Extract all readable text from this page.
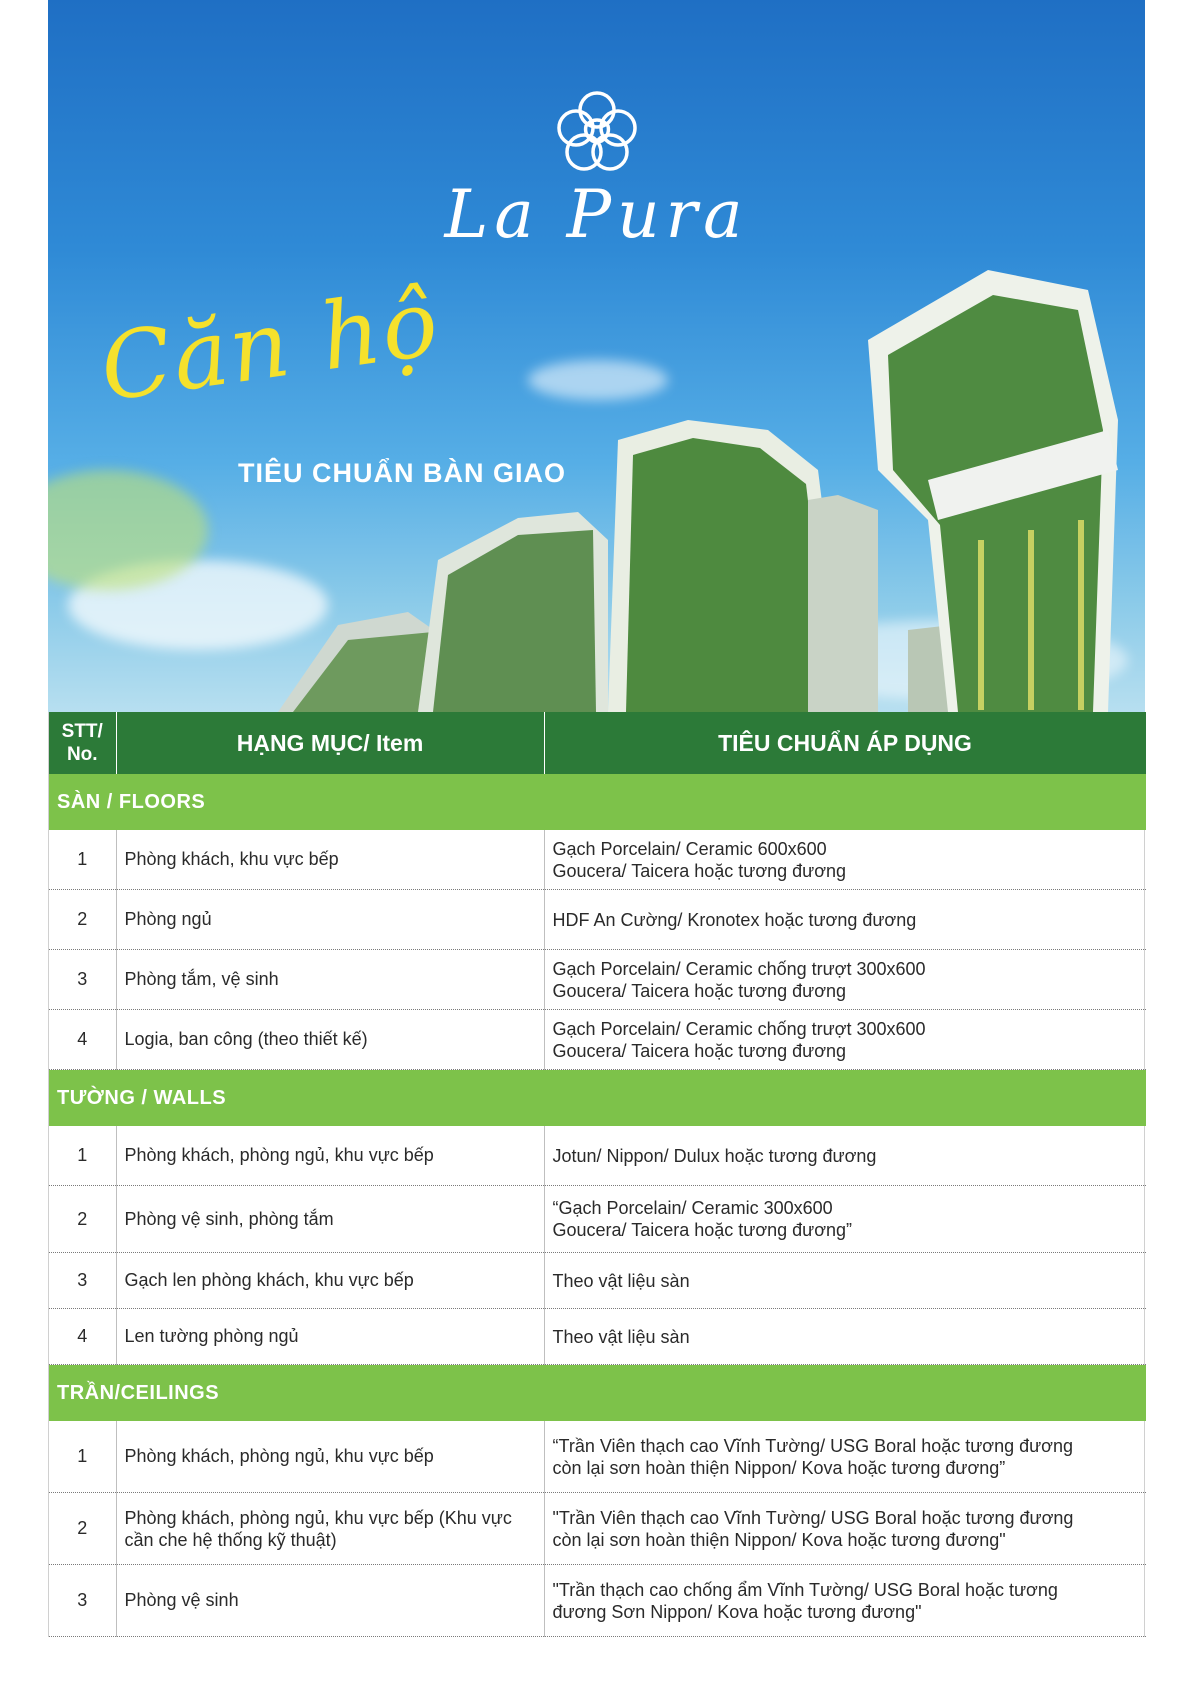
La Pura
Căn hộ
TIÊU CHUẨN BÀN GIAO
STT/ No.	HẠNG MỤC/ Item	TIÊU CHUẨN ÁP DỤNG
SÀN / FLOORS		
1	Phòng khách, khu vực bếp	Gạch Porcelain/ Ceramic 600x600
Goucera/ Taicera hoặc tương đương

2	Phòng ngủ	HDF An Cường/ Kronotex hoặc tương đương

3	Phòng tắm, vệ sinh	Gạch Porcelain/ Ceramic chống trượt 300x600
Goucera/ Taicera hoặc tương đương

4	Logia, ban công (theo thiết kế)	Gạch Porcelain/ Ceramic chống trượt 300x600
Goucera/ Taicera hoặc tương đương

TƯỜNG / WALLS		
1	Phòng khách, phòng ngủ, khu vực bếp	Jotun/ Nippon/ Dulux hoặc tương đương

2	Phòng vệ sinh, phòng tắm	“Gạch Porcelain/ Ceramic 300x600
Goucera/ Taicera hoặc tương đương”

3	Gạch len phòng khách, khu vực bếp	Theo vật liệu sàn

4	Len tường phòng ngủ	Theo vật liệu sàn

TRẦN/CEILINGS		
1	Phòng khách, phòng ngủ, khu vực bếp	“Trần Viên thạch cao Vĩnh Tường/ USG Boral hoặc tương đương
còn lại sơn hoàn thiện Nippon/ Kova hoặc tương đương”

2	Phòng khách, phòng ngủ, khu vực bếp (Khu vực cần che hệ thống kỹ thuật)	"Trần Viên thạch cao Vĩnh Tường/ USG Boral hoặc tương đương
còn lại sơn hoàn thiện Nippon/ Kova hoặc tương đương"

3	Phòng vệ sinh	"Trần thạch cao chống ẩm Vĩnh Tường/ USG Boral hoặc tương
đương Sơn Nippon/ Kova hoặc tương đương"
